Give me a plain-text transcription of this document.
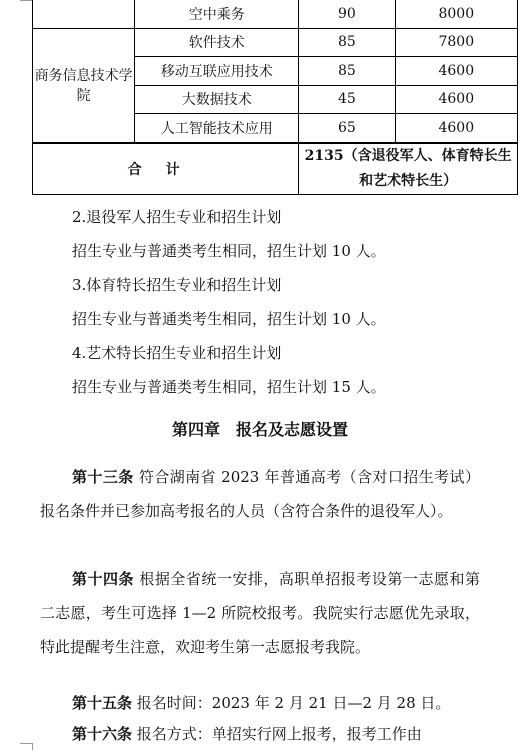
	空中乘务	90	8000
商务信息技术学院	软件技术	85	7800
	移动互联应用技术	85	4600
	大数据技术	45	4600
	人工智能技术应用	65	4600
合计		2135（含退役军人、体育特长生和艺术特长生）	
2.退役军人招生专业和招生计划
招生专业与普通类考生相同，招生计划 10 人。
3.体育特长招生专业和招生计划
招生专业与普通类考生相同，招生计划 10 人。
4.艺术特长招生专业和招生计划
招生专业与普通类考生相同，招生计划 15 人。
第四章　报名及志愿设置
第十三条 符合湖南省 2023 年普通高考（含对口招生考试）报名条件并已参加高考报名的人员（含符合条件的退役军人）。
第十四条 根据全省统一安排，高职单招报考设第一志愿和第二志愿，考生可选择 1—2 所院校报考。我院实行志愿优先录取，特此提醒考生注意，欢迎考生第一志愿报考我院。
第十五条 报名时间：2023 年 2 月 21 日—2 月 28 日。
第十六条 报名方式：单招实行网上报考，报考工作由
